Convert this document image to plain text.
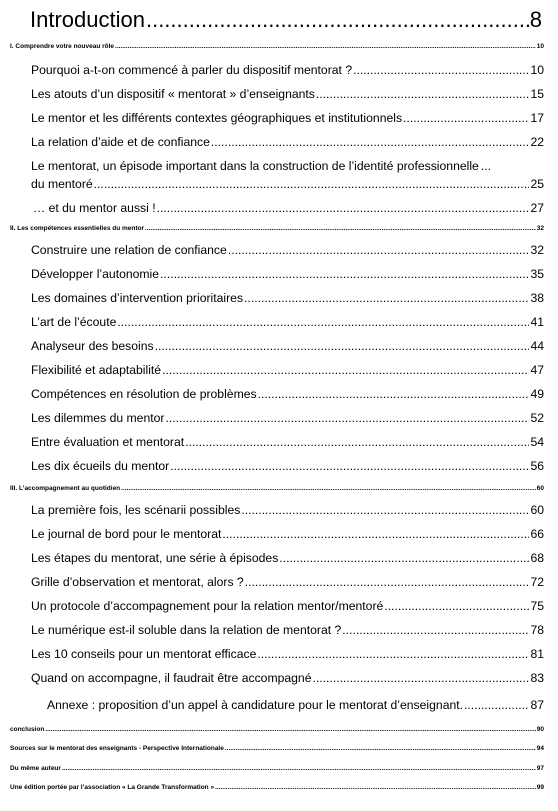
Introduction .....	8
I. Comprendre votre nouveau rôle .....	10
Pourquoi a-t-on commencé à parler du dispositif mentorat ? .....	10
Les atouts d’un dispositif « mentorat » d’enseignants .....	15
Le mentor et les différents contextes géographiques et institutionnels .....	17
La relation d’aide et de confiance .....	22
Le mentorat, un épisode important dans la construction de l’identité professionnelle ...
du mentoré .....	25
… et du mentor aussi ! .....	27
II. Les compétences essentielles du mentor .....	32
Construire une relation de confiance .....	32
Développer l’autonomie .....	35
Les domaines d’intervention prioritaires .....	38
L’art de l’écoute .....	41
Analyseur des besoins .....	44
Flexibilité et adaptabilité .....	47
Compétences en résolution de problèmes .....	49
Les dilemmes du mentor .....	52
Entre évaluation et mentorat .....	54
Les dix écueils du mentor .....	56
III. L’accompagnement au quotidien .....	60
La première fois, les scénarii possibles .....	60
Le journal de bord pour le mentorat .....	66
Les étapes du mentorat, une série à épisodes .....	68
Grille d’observation et mentorat, alors ? .....	72
Un protocole d’accompagnement pour la relation mentor/mentoré .....	75
Le numérique est-il soluble dans la relation de mentorat ? .....	78
Les 10 conseils pour un mentorat efficace .....	81
Quand on accompagne, il faudrait être accompagné .....	83
Annexe : proposition d’un appel à candidature pour le mentorat d’enseignant. .....	87
conclusion .....	90
Sources sur le mentorat des enseignants - Perspective Internationale .....	94
Du même auteur .....	97
Une édition portée par l’association « La Grande Transformation » .....	99
